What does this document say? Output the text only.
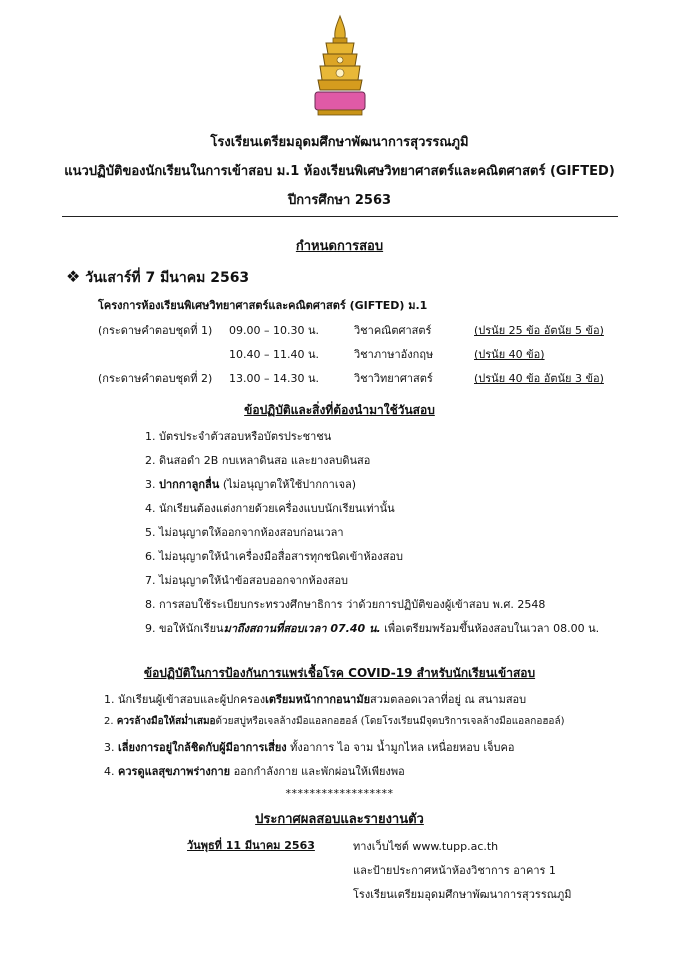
โรงเรียนเตรียมอุดมศึกษาพัฒนาการสุวรรณภูมิ
แนวปฏิบัติของนักเรียนในการเข้าสอบ ม.1 ห้องเรียนพิเศษวิทยาศาสตร์และคณิตศาสตร์ (GIFTED)
ปีการศึกษา 2563
กำหนดการสอบ
❖ วันเสาร์ที่ 7 มีนาคม 2563
โครงการห้องเรียนพิเศษวิทยาศาสตร์และคณิตศาสตร์ (GIFTED) ม.1
(กระดาษคำตอบชุดที่ 1) 09.00 – 10.30 น.	วิชาคณิตศาสตร์	(ปรนัย 25 ข้อ อัตนัย 5 ข้อ)
10.40 – 11.40 น.	วิชาภาษาอังกฤษ	(ปรนัย 40 ข้อ)
(กระดาษคำตอบชุดที่ 2) 13.00 – 14.30 น.	วิชาวิทยาศาสตร์	(ปรนัย 40 ข้อ อัตนัย 3 ข้อ)
ข้อปฏิบัติและสิ่งที่ต้องนำมาใช้วันสอบ
1. บัตรประจำตัวสอบหรือบัตรประชาชน
2. ดินสอดำ 2B กบเหลาดินสอ และยางลบดินสอ
3. ปากกาลูกลื่น (ไม่อนุญาตให้ใช้ปากกาเจล)
4. นักเรียนต้องแต่งกายด้วยเครื่องแบบนักเรียนเท่านั้น
5. ไม่อนุญาตให้ออกจากห้องสอบก่อนเวลา
6. ไม่อนุญาตให้นำเครื่องมือสื่อสารทุกชนิดเข้าห้องสอบ
7. ไม่อนุญาตให้นำข้อสอบออกจากห้องสอบ
8. การสอบใช้ระเบียบกระทรวงศึกษาธิการ ว่าด้วยการปฏิบัติของผู้เข้าสอบ พ.ศ. 2548
9. ขอให้นักเรียนมาถึงสถานที่สอบเวลา 07.40 น. เพื่อเตรียมพร้อมขึ้นห้องสอบในเวลา 08.00 น.
ข้อปฏิบัติในการป้องกันการแพร่เชื้อโรค COVID-19 สำหรับนักเรียนเข้าสอบ
1. นักเรียนผู้เข้าสอบและผู้ปกครองเตรียมหน้ากากอนามัยสวมตลอดเวลาที่อยู่ ณ สนามสอบ
2. ควรล้างมือให้สม่ำเสมอด้วยสบู่หรือเจลล้างมือแอลกอฮอล์ (โดยโรงเรียนมีจุดบริการเจลล้างมือแอลกอฮอล์)
3. เลี่ยงการอยู่ใกล้ชิดกับผู้มีอาการเสี่ยง ทั้งอาการ ไอ จาม น้ำมูกไหล เหนื่อยหอบ เจ็บคอ
4. ควรดูแลสุขภาพร่างกาย ออกกำลังกาย และพักผ่อนให้เพียงพอ
******************
ประกาศผลสอบและรายงานตัว
วันพุธที่ 11 มีนาคม 2563	ทางเว็บไซต์ www.tupp.ac.th
และป้ายประกาศหน้าห้องวิชาการ อาคาร 1
โรงเรียนเตรียมอุดมศึกษาพัฒนาการสุวรรณภูมิ
